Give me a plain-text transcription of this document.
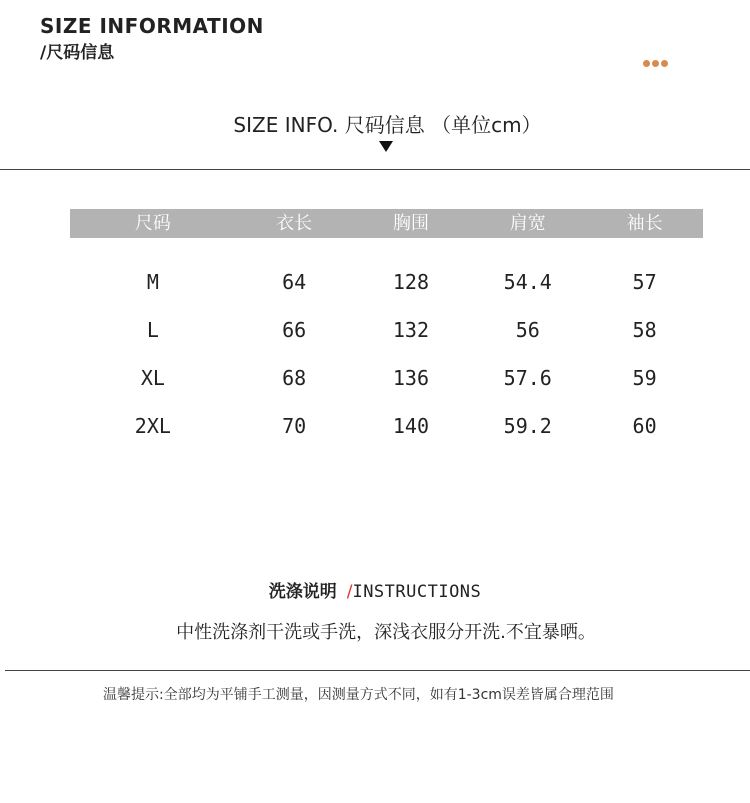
SIZE INFORMATION
/尺码信息
SIZE INFO. 尺码信息 （单位cm）
尺码	衣长	胸围	肩宽	袖长
M	64	128	54.4	57
L	66	132	56	58
XL	68	136	57.6	59
2XL	70	140	59.2	60
洗涤说明 /INSTRUCTIONS
中性洗涤剂干洗或手洗，深浅衣服分开洗.不宜暴晒。
温馨提示:全部均为平铺手工测量，因测量方式不同，如有1-3cm误差皆属合理范围
